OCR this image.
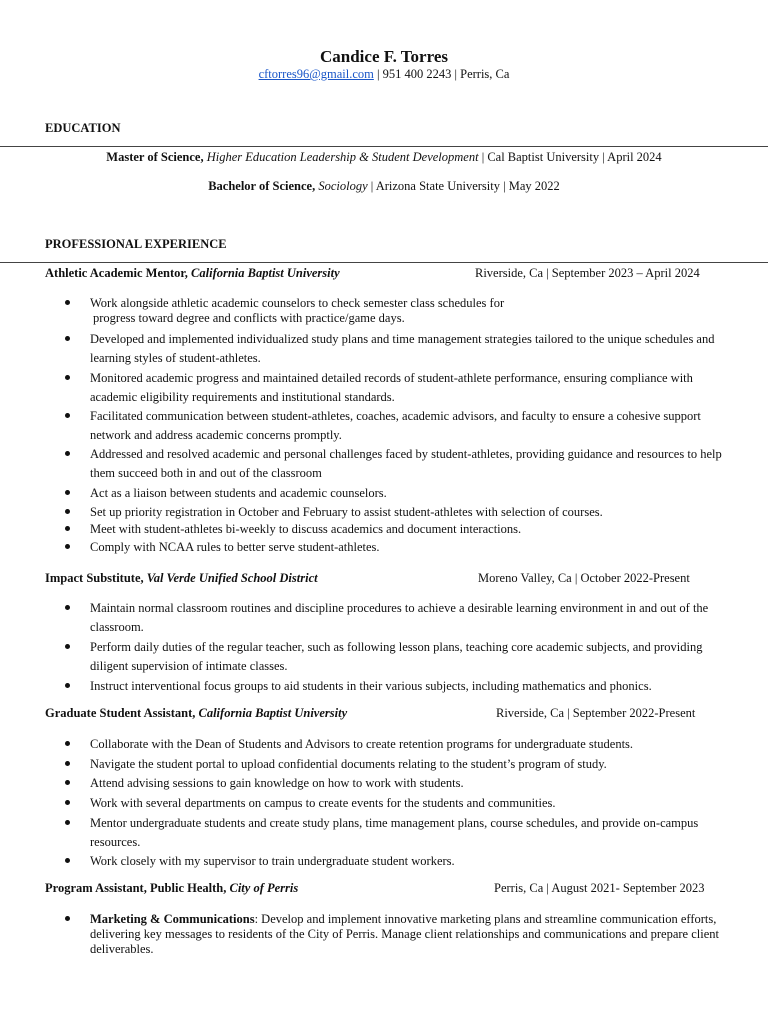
Candice F. Torres
cftorres96@gmail.com | 951 400 2243 | Perris, Ca
EDUCATION
Master of Science, Higher Education Leadership & Student Development | Cal Baptist University | April 2024
Bachelor of Science, Sociology | Arizona State University | May 2022
PROFESSIONAL EXPERIENCE
Athletic Academic Mentor, California Baptist University	Riverside, Ca | September 2023 – April 2024
Work alongside athletic academic counselors to check semester class schedules for
progress toward degree and conflicts with practice/game days.
Developed and implemented individualized study plans and time management strategies tailored to the unique schedules and learning styles of student-athletes.
Monitored academic progress and maintained detailed records of student-athlete performance, ensuring compliance with academic eligibility requirements and institutional standards.
Facilitated communication between student-athletes, coaches, academic advisors, and faculty to ensure a cohesive support network and address academic concerns promptly.
Addressed and resolved academic and personal challenges faced by student-athletes, providing guidance and resources to help them succeed both in and out of the classroom
Act as a liaison between students and academic counselors.
Set up priority registration in October and February to assist student-athletes with selection of courses.
Meet with student-athletes bi-weekly to discuss academics and document interactions.
Comply with NCAA rules to better serve student-athletes.
Impact Substitute, Val Verde Unified School District	Moreno Valley, Ca | October 2022-Present
Maintain normal classroom routines and discipline procedures to achieve a desirable learning environment in and out of the classroom.
Perform daily duties of the regular teacher, such as following lesson plans, teaching core academic subjects, and providing diligent supervision of intimate classes.
Instruct interventional focus groups to aid students in their various subjects, including mathematics and phonics.
Graduate Student Assistant, California Baptist University	Riverside, Ca | September 2022-Present
Collaborate with the Dean of Students and Advisors to create retention programs for undergraduate students.
Navigate the student portal to upload confidential documents relating to the student’s program of study.
Attend advising sessions to gain knowledge on how to work with students.
Work with several departments on campus to create events for the students and communities.
Mentor undergraduate students and create study plans, time management plans, course schedules, and provide on-campus resources.
Work closely with my supervisor to train undergraduate student workers.
Program Assistant, Public Health, City of Perris	Perris, Ca | August 2021- September 2023
Marketing & Communications: Develop and implement innovative marketing plans and streamline communication efforts, delivering key messages to residents of the City of Perris. Manage client relationships and communications and prepare client deliverables.
